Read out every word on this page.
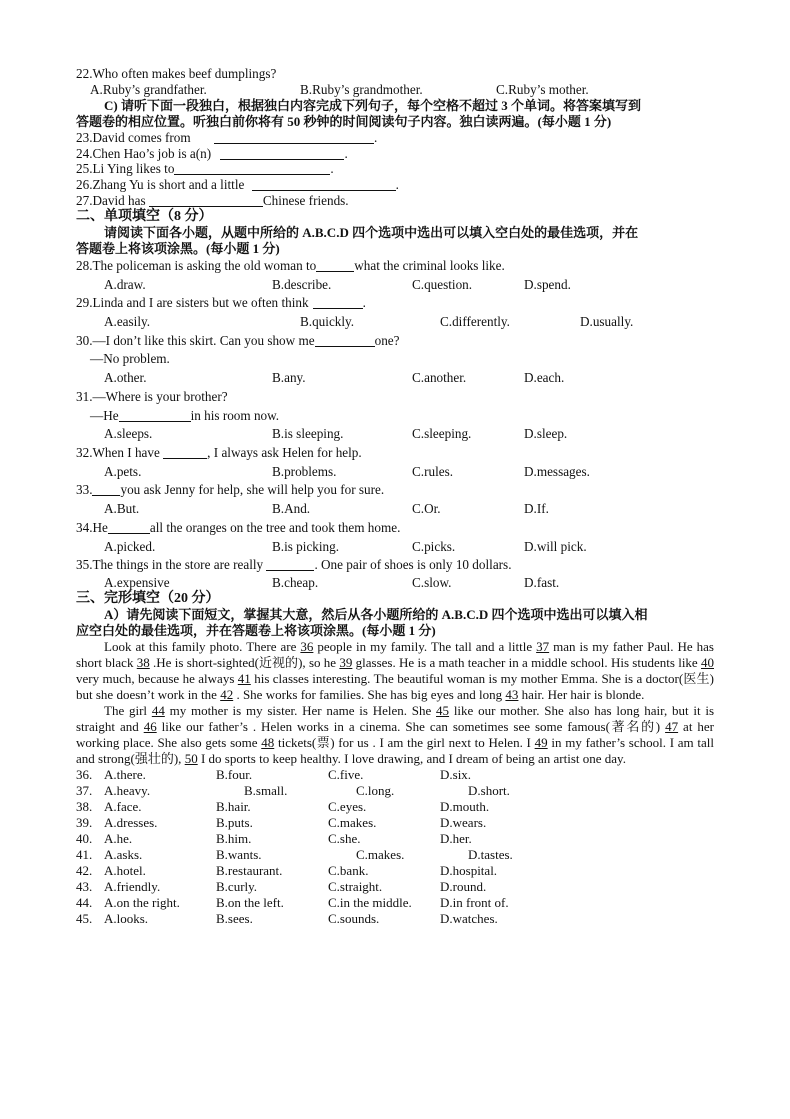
22.Who often makes beef dumplings?
A.Ruby’s grandfather.	B.Ruby’s grandmother.	C.Ruby’s mother.
C) 请听下面一段独白，根据独白内容完成下列句子，每个空格不超过 3 个单词。将答案填写到
答题卷的相应位置。听独白前你将有 50 秒钟的时间阅读句子内容。独白读两遍。(每小题 1 分)
23.David comes from	.
24.Chen Hao’s job is a(n)	.
25.Li Ying likes to	.
26.Zhang Yu is short and a little	.
27.David has	Chinese friends.
二、单项填空（8 分）
请阅读下面各小题，从题中所给的 A.B.C.D 四个选项中选出可以填入空白处的最佳选项，并在
答题卷上将该项涂黑。(每小题 1 分)
28.The policeman is asking the old woman to	what the criminal looks like.
A.draw.	B.describe.	C.question.	D.spend.
29.Linda and I are sisters but we often think	.
A.easily.	B.quickly.	C.differently.	D.usually.
30.—I don’t like this skirt. Can you show me	one?
—No problem.
A.other.	B.any.	C.another.	D.each.
31.—Where is your brother?
—He	in his room now.
A.sleeps.	B.is sleeping.	C.sleeping.	D.sleep.
32.When I have	, I always ask Helen for help.
A.pets.	B.problems.	C.rules.	D.messages.
33. you ask Jenny for help, she will help you for sure.
A.But.	B.And.	C.Or.	D.If.
34.He	all the oranges on the tree and took them home.
A.picked.	B.is picking.	C.picks.	D.will pick.
35.The things in the store are really	. One pair of shoes is only 10 dollars.
A.expensive	B.cheap.	C.slow.	D.fast.
三、完形填空（20 分）
A）请先阅读下面短文，掌握其大意，然后从各小题所给的 A.B.C.D 四个选项中选出可以填入相
应空白处的最佳选项，并在答题卷上将该项涂黑。(每小题 1 分)
Look at this family photo. There are 36 people in my family. The tall and a little 37 man is my father Paul. He has short black 38 .He is short-sighted(近视的), so he 39 glasses. He is a math teacher in a middle school. His students like 40 very much, because he always 41 his classes interesting. The beautiful woman is my mother Emma. She is a doctor(医生) but she doesn’t work in the 42 . She works for families. She has big eyes and long 43 hair. Her hair is blonde.
The girl 44 my mother is my sister. Her name is Helen. She 45 like our mother. She also has long hair, but it is straight and 46 like our father’s . Helen works in a cinema. She can sometimes see some famous(著名的) 47 at her working place. She also gets some 48 tickets(票) for us . I am the girl next to Helen. I 49 in my father’s school. I am tall and strong(强壮的), 50 I do sports to keep healthy. I love drawing, and I dream of being an artist one day.
36. A.there.	B.four.	C.five.	D.six.
37. A.heavy.	B.small.	C.long.	D.short.
38. A.face.	B.hair.	C.eyes.	D.mouth.
39. A.dresses.	B.puts.	C.makes.	D.wears.
40. A.he.	B.him.	C.she.	D.her.
41. A.asks.	B.wants.	C.makes.	D.tastes.
42. A.hotel.	B.restaurant.	C.bank.	D.hospital.
43. A.friendly.	B.curly.	C.straight.	D.round.
44. A.on the right.	B.on the left.	C.in the middle.	D.in front of.
45. A.looks.	B.sees.	C.sounds.	D.watches.
